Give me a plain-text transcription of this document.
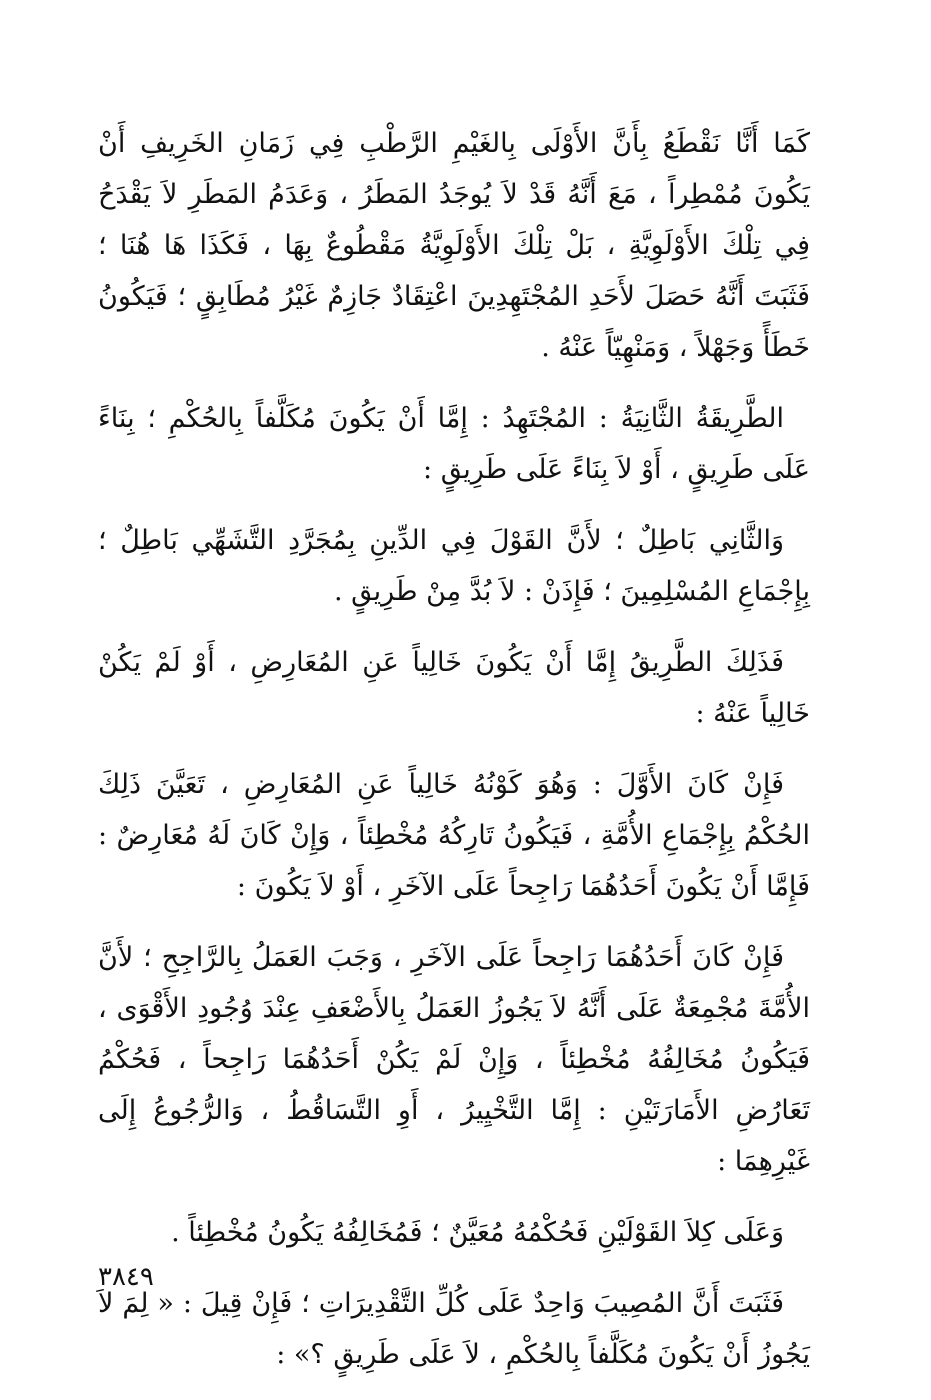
كَمَا أَنَّا نَقْطَعُ بِأَنَّ الأَوْلَى بِالغَيْمِ الرَّطْبِ فِي زَمَانِ الخَرِيفِ أَنْ يَكُونَ مُمْطِراً ، مَعَ أَنَّهُ قَدْ لاَ يُوجَدُ المَطَرُ ، وَعَدَمُ المَطَرِ لاَ يَقْدَحُ فِي تِلْكَ الأَوْلَوِيَّةِ ، بَلْ تِلْكَ الأَوْلَوِيَّةُ مَقْطُوعٌ بِهَا ، فَكَذَا هَا هُنَا ؛ فَثَبَتَ أَنَّهُ حَصَلَ لأَحَدِ المُجْتَهِدِينَ اعْتِقَادٌ جَازِمٌ غَيْرُ مُطَابِقٍ ؛ فَيَكُونُ خَطَأً وَجَهْلاً ، وَمَنْهِيّاً عَنْهُ .

الطَّرِيقَةُ الثَّانِيَةُ : المُجْتَهِدُ : إِمَّا أَنْ يَكُونَ مُكَلَّفاً بِالحُكْمِ ؛ بِنَاءً عَلَى طَرِيقٍ ، أَوْ لاَ بِنَاءً عَلَى طَرِيقٍ :

وَالثَّانِي بَاطِلٌ ؛ لأَنَّ القَوْلَ فِي الدِّينِ بِمُجَرَّدِ التَّشَهِّي بَاطِلٌ ؛ بِإِجْمَاعِ المُسْلِمِينَ ؛ فَإِذَنْ : لاَ بُدَّ مِنْ طَرِيقٍ .

فَذَلِكَ الطَّرِيقُ إِمَّا أَنْ يَكُونَ خَالِياً عَنِ المُعَارِضِ ، أَوْ لَمْ يَكُنْ خَالِياً عَنْهُ :

فَإِنْ كَانَ الأَوَّلَ : وَهُوَ كَوْنُهُ خَالِياً عَنِ المُعَارِضِ ، تَعَيَّنَ ذَلِكَ الحُكْمُ بِإِجْمَاعِ الأُمَّةِ ، فَيَكُونُ تَارِكُهُ مُخْطِئاً ، وَإِنْ كَانَ لَهُ مُعَارِضٌ : فَإِمَّا أَنْ يَكُونَ أَحَدُهُمَا رَاجِحاً عَلَى الآخَرِ ، أَوْ لاَ يَكُونَ :

فَإِنْ كَانَ أَحَدُهُمَا رَاجِحاً عَلَى الآخَرِ ، وَجَبَ العَمَلُ بِالرَّاجِحِ ؛ لأَنَّ الأُمَّةَ مُجْمِعَةٌ عَلَى أَنَّهُ لاَ يَجُوزُ العَمَلُ بِالأَضْعَفِ عِنْدَ وُجُودِ الأَقْوَى ، فَيَكُونُ مُخَالِفُهُ مُخْطِئاً ، وَإِنْ لَمْ يَكُنْ أَحَدُهُمَا رَاجِحاً ، فَحُكْمُ تَعَارُضِ الأَمَارَتَيْنِ : إِمَّا التَّخْيِيرُ ، أَوِ التَّسَاقُطُ ، وَالرُّجُوعُ إِلَى غَيْرِهِمَا :

وَعَلَى كِلاَ القَوْلَيْنِ فَحُكْمُهُ مُعَيَّنٌ ؛ فَمُخَالِفُهُ يَكُونُ مُخْطِئاً .

فَثَبَتَ أَنَّ المُصِيبَ وَاحِدٌ عَلَى كُلِّ التَّقْدِيرَاتِ ؛ فَإِنْ قِيلَ : « لِمَ لاَ يَجُوزُ أَنْ يَكُونَ مُكَلَّفاً بِالحُكْمِ ، لاَ عَلَى طَرِيقٍ ؟» :

٣٨٤٩
